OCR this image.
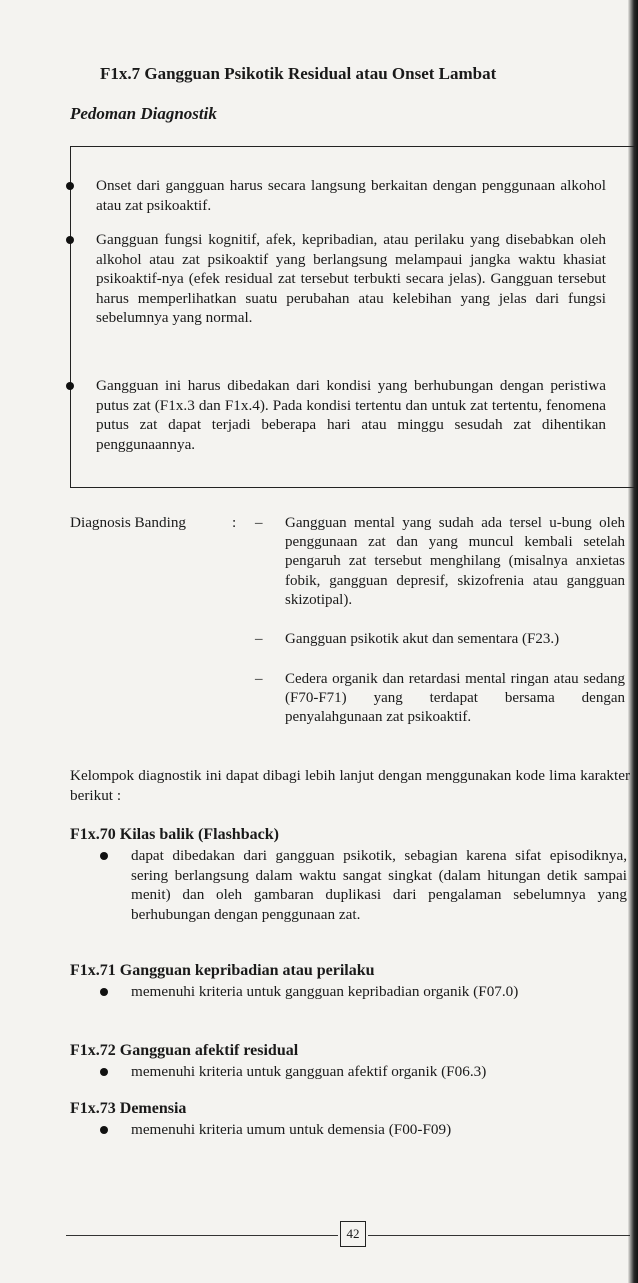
F1x.7 Gangguan Psikotik Residual atau Onset Lambat
Pedoman Diagnostik
Onset dari gangguan harus secara langsung berkaitan dengan penggunaan alkohol atau zat psikoaktif.
Gangguan fungsi kognitif, afek, kepribadian, atau perilaku yang disebabkan oleh alkohol atau zat psikoaktif yang berlangsung melampaui jangka waktu khasiat psikoaktif-nya (efek residual zat tersebut terbukti secara jelas). Gangguan tersebut harus memperlihatkan suatu perubahan atau kelebihan yang jelas dari fungsi sebelumnya yang normal.
Gangguan ini harus dibedakan dari kondisi yang berhubungan dengan peristiwa putus zat (F1x.3 dan F1x.4). Pada kondisi tertentu dan untuk zat tertentu, fenomena putus zat dapat terjadi beberapa hari atau minggu sesudah zat dihentikan penggunaannya.
Diagnosis Banding	: – Gangguan mental yang sudah ada tersel u-bung oleh penggunaan zat dan yang muncul kembali setelah pengaruh zat tersebut menghilang (misalnya anxietas fobik, gangguan depresif, skizofrenia atau gangguan skizotipal).
– Gangguan psikotik akut dan sementara (F23.)
– Cedera organik dan retardasi mental ringan atau sedang (F70-F71) yang terdapat bersama dengan penyalahgunaan zat psikoaktif.
Kelompok diagnostik ini dapat dibagi lebih lanjut dengan menggunakan kode lima karakter berikut :
F1x.70 Kilas balik (Flashback)
dapat dibedakan dari gangguan psikotik, sebagian karena sifat episodiknya, sering berlangsung dalam waktu sangat singkat (dalam hitungan detik sampai menit) dan oleh gambaran duplikasi dari pengalaman sebelumnya yang berhubungan dengan penggunaan zat.
F1x.71 Gangguan kepribadian atau perilaku
memenuhi kriteria untuk gangguan kepribadian organik (F07.0)
F1x.72 Gangguan afektif residual
memenuhi kriteria untuk gangguan afektif organik (F06.3)
F1x.73 Demensia
memenuhi kriteria umum untuk demensia (F00-F09)
42
